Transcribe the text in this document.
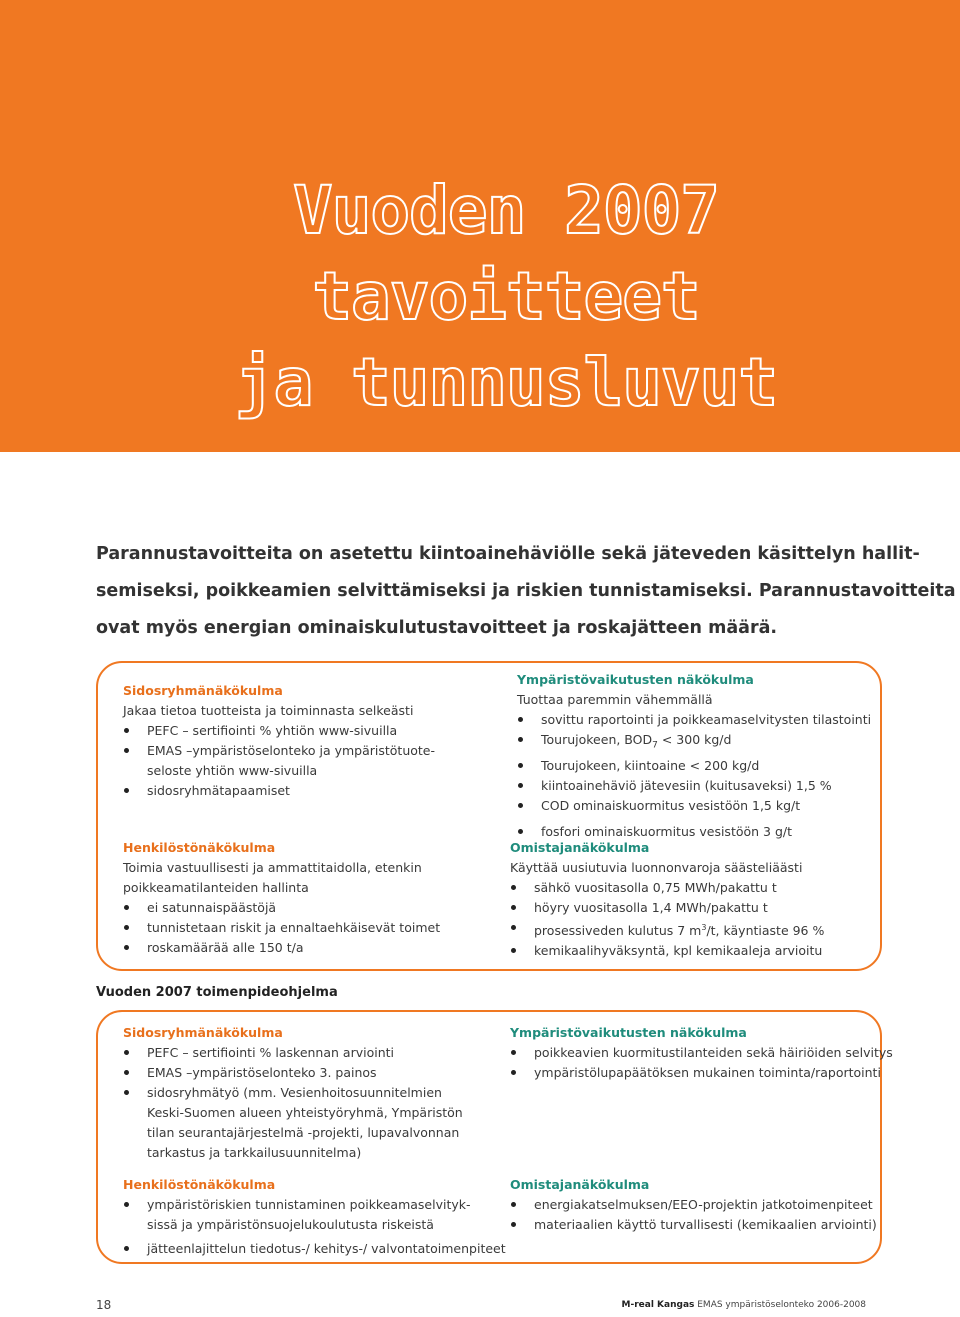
Vuoden 2007 tavoitteet
ja tunnusluvut
Parannustavoitteita on asetettu kiintoainehäviölle sekä jäteveden käsittelyn hallit-
semiseksi, poikkeamien selvittämiseksi ja riskien tunnistamiseksi. Parannustavoitteita
ovat myös energian ominaiskulutustavoitteet ja roskajätteen määrä.
Sidosryhmänäkökulma
Jakaa tietoa tuotteista ja toiminnasta selkeästi
PEFC – sertifiointi % yhtiön www-sivuilla
EMAS –ympäristöselonteko ja ympäristötuote-
seloste yhtiön www-sivuilla
sidosryhmätapaamiset
Ympäristövaikutusten näkökulma
Tuottaa paremmin vähemmällä
sovittu raportointi ja poikkeamaselvitysten tilastointi
Tourujokeen, $BOD_7 < 300$ kg/d
Tourujokeen, kiintoaine < 200 kg/d
kiintoainehäviö jätevesiin (kuitusaveksi) 1,5 %
COD ominaiskuormitus vesistöön 1,5 kg/t
fosfori ominaiskuormitus vesistöön 3 g/t
Henkilöstönäkökulma
Toimia vastuullisesti ja ammattitaidolla, etenkin
poikkeamatilanteiden hallinta
ei satunnaispäästöjä
tunnistetaan riskit ja ennaltaehkäisevät toimet
roskamäärää alle 150 t/a
Omistajanäkökulma
Käyttää uusiutuvia luonnonvaroja säästeliäästi
sähkö vuositasolla 0,75 MWh/pakattu t
höyry vuositasolla 1,4 MWh/pakattu t
prosessiveden kulutus 7 $m^3/t$, käyntiaste 96 %
kemikaalihyväksyntä, kpl kemikaaleja arvioitu
Vuoden 2007 toimenpideohjelma
Sidosryhmänäkökulma
PEFC – sertifiointi % laskennan arviointi
EMAS –ympäristöselonteko 3. painos
sidosryhmätyö (mm. Vesienhoitosuunnitelmien
Keski-Suomen alueen yhteistyöryhmä, Ympäristön
tilan seurantajärjestelmä -projekti, lupavalvonnan
tarkastus ja tarkkailusuunnitelma)
Ympäristövaikutusten näkökulma
poikkeavien kuormitustilanteiden sekä häiriöiden selvitys
ympäristölupapäätöksen mukainen toiminta/raportointi
Henkilöstönäkökulma
ympäristöriskien tunnistaminen poikkeamaselvityk-
sissä ja ympäristönsuojelukoulutusta riskeistä
jätteenlajittelun tiedotus-/ kehitys-/ valvontatoimenpiteet
Omistajanäkökulma
energiakatselmuksen/EEO-projektin jatkotoimenpiteet
materiaalien käyttö turvallisesti (kemikaalien arviointi)
18	M-real Kangas EMAS ympäristöselonteko 2006-2008
